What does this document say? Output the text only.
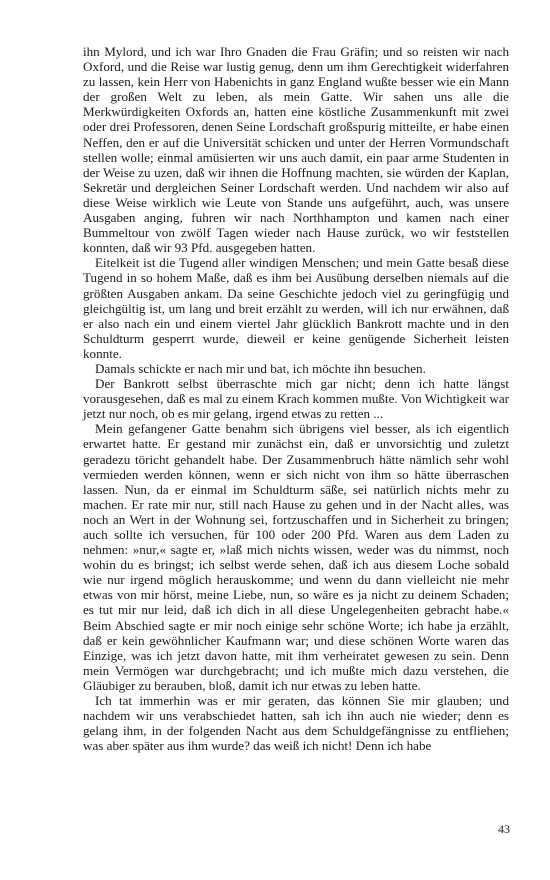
ihn Mylord, und ich war Ihro Gnaden die Frau Gräfin; und so reisten wir nach Oxford, und die Reise war lustig genug, denn um ihm Gerechtigkeit widerfahren zu lassen, kein Herr von Habenichts in ganz England wußte besser wie ein Mann der großen Welt zu leben, als mein Gatte. Wir sahen uns alle die Merkwürdigkeiten Oxfords an, hatten eine köstliche Zusammenkunft mit zwei oder drei Professoren, denen Seine Lordschaft großspurig mitteilte, er habe einen Neffen, den er auf die Universität schicken und unter der Herren Vormundschaft stellen wolle; einmal amüsierten wir uns auch damit, ein paar arme Studenten in der Weise zu uzen, daß wir ihnen die Hoffnung machten, sie würden der Kaplan, Sekretär und dergleichen Seiner Lordschaft werden. Und nachdem wir also auf diese Weise wirklich wie Leute von Stande uns aufgeführt, auch, was unsere Ausgaben anging, fuhren wir nach Northhampton und kamen nach einer Bummeltour von zwölf Tagen wieder nach Hause zurück, wo wir feststellen konnten, daß wir 93 Pfd. ausgegeben hatten.

Eitelkeit ist die Tugend aller windigen Menschen; und mein Gatte besaß diese Tugend in so hohem Maße, daß es ihm bei Ausübung derselben niemals auf die größten Ausgaben ankam. Da seine Geschichte jedoch viel zu geringfügig und gleichgültig ist, um lang und breit erzählt zu werden, will ich nur erwähnen, daß er also nach ein und einem viertel Jahr glücklich Bankrott machte und in den Schuldturm gesperrt wurde, dieweil er keine genügende Sicherheit leisten konnte.

Damals schickte er nach mir und bat, ich möchte ihn besuchen.

Der Bankrott selbst überraschte mich gar nicht; denn ich hatte längst vorausgesehen, daß es mal zu einem Krach kommen mußte. Von Wichtigkeit war jetzt nur noch, ob es mir gelang, irgend etwas zu retten ...

Mein gefangener Gatte benahm sich übrigens viel besser, als ich eigentlich erwartet hatte. Er gestand mir zunächst ein, daß er unvorsichtig und zuletzt geradezu töricht gehandelt habe. Der Zusammenbruch hätte nämlich sehr wohl vermieden werden können, wenn er sich nicht von ihm so hätte überraschen lassen. Nun, da er einmal im Schuldturm säße, sei natürlich nichts mehr zu machen. Er rate mir nur, still nach Hause zu gehen und in der Nacht alles, was noch an Wert in der Wohnung sei, fortzuschaffen und in Sicherheit zu bringen; auch sollte ich versuchen, für 100 oder 200 Pfd. Waren aus dem Laden zu nehmen: »nur,« sagte er, »laß mich nichts wissen, weder was du nimmst, noch wohin du es bringst; ich selbst werde sehen, daß ich aus diesem Loche sobald wie nur irgend möglich herauskomme; und wenn du dann vielleicht nie mehr etwas von mir hörst, meine Liebe, nun, so wäre es ja nicht zu deinem Schaden; es tut mir nur leid, daß ich dich in all diese Ungelegenheiten gebracht habe.« Beim Abschied sagte er mir noch einige sehr schöne Worte; ich habe ja erzählt, daß er kein gewöhnlicher Kaufmann war; und diese schönen Worte waren das Einzige, was ich jetzt davon hatte, mit ihm verheiratet gewesen zu sein. Denn mein Vermögen war durchgebracht; und ich mußte mich dazu verstehen, die Gläubiger zu berauben, bloß, damit ich nur etwas zu leben hatte.

Ich tat immerhin was er mir geraten, das können Sie mir glauben; und nachdem wir uns verabschiedet hatten, sah ich ihn auch nie wieder; denn es gelang ihm, in der folgenden Nacht aus dem Schuldgefängnisse zu entfliehen; was aber später aus ihm wurde? das weiß ich nicht! Denn ich habe

43
